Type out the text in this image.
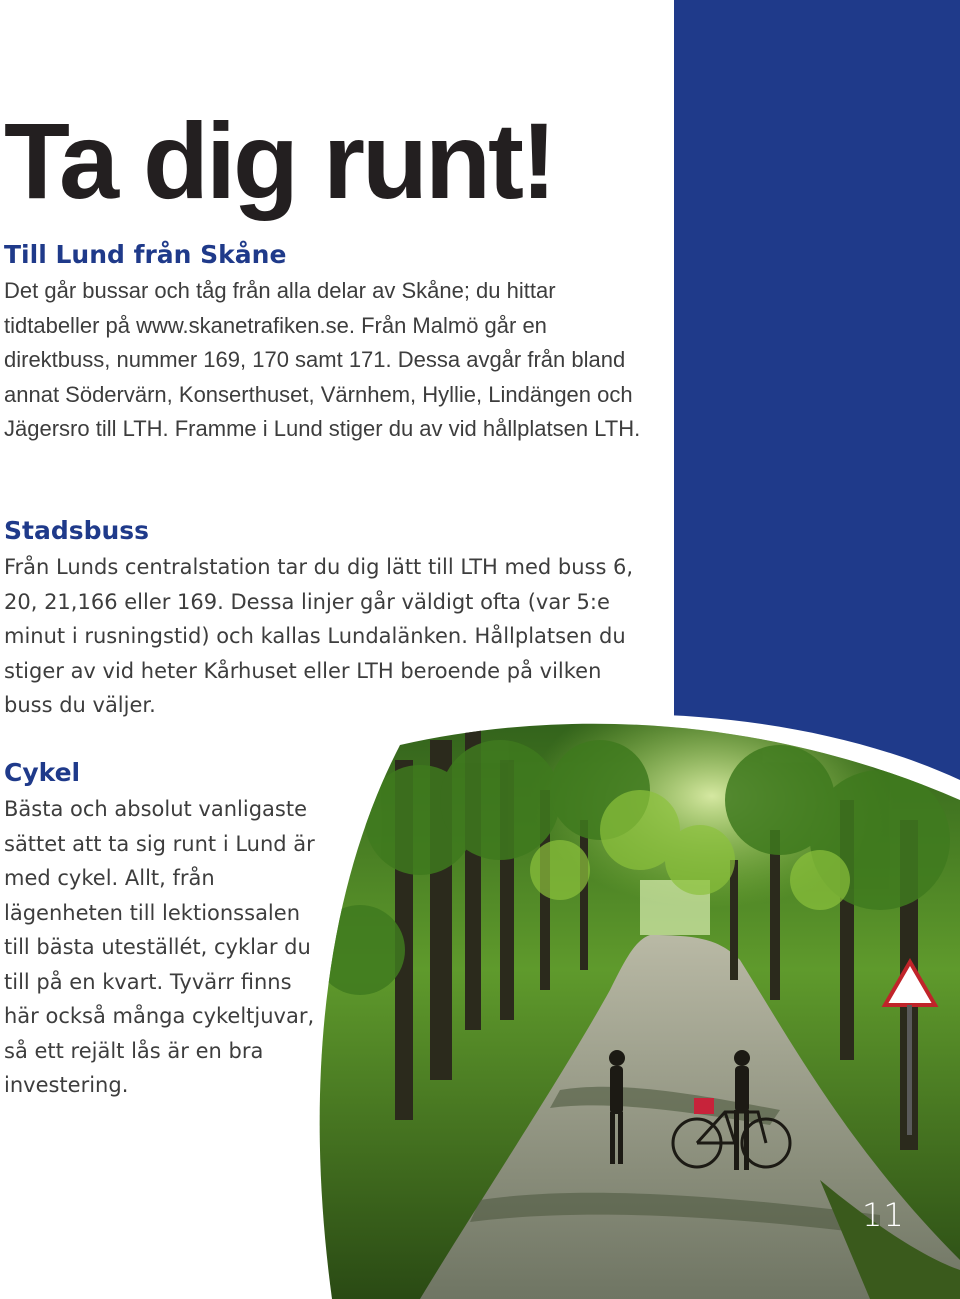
Ta dig runt!
Till Lund från Skåne

Det går bussar och tåg från alla delar av Skåne; du hittar tidtabeller på www.skanetrafiken.se. Från Malmö går en direktbuss, nummer 169, 170 samt 171. Dessa avgår från bland annat Södervärn, Konserthuset, Värnhem, Hyllie, Lindängen och Jägersro till LTH. Framme i Lund stiger du av vid hållplatsen LTH.

Stadsbuss

Från Lunds centralstation tar du dig lätt till LTH med buss 6, 20, 21,166 eller 169. Dessa linjer går väldigt ofta (var 5:e minut i rusningstid) och kallas Lundalänken. Hållplatsen du stiger av vid heter Kårhuset eller LTH beroende på vilken buss du väljer.

Cykel

Bästa och absolut vanligaste sättet att ta sig runt i Lund är med cykel. Allt, från lägenheten till lektionssalen till bästa uteställét, cyklar du till på en kvart. Tyvärr finns här också många cykeltjuvar, så ett rejält lås är en bra investering.

11
